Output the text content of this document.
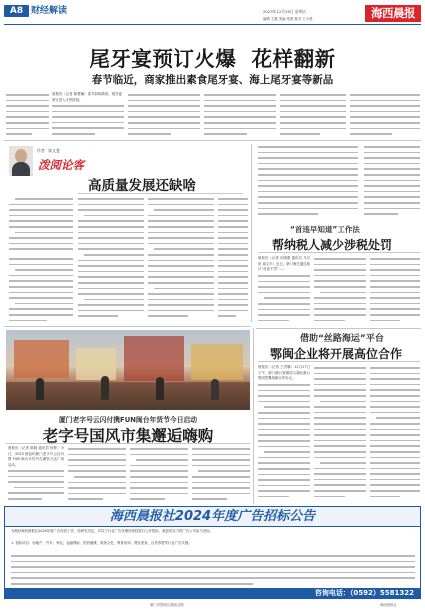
A8 财经解读	2023年12月29日 星期五
编辑 王磊 美编 郑燕 校对 王小燕	海西晨报
尾牙宴预订火爆  花样翻新
春节临近，商家推出素食尾牙宴、海上尾牙宴等新品
晨报讯（记者 陈慧楠）春节韵味渐浓，尾牙宴预订进入火热阶段。
作者：陈文斐
泼阅论客
高质量发展还缺啥
“首违早知道”工作法
帮纳税人减少涉税处罚
晨报讯（记者 应晓蕾 通讯员 马川 彭 周文平）近日，厦门海关通过推行“首违不罚”……
借助“丝路海运”平台
鄂闽企业将开展高位合作
晨报讯（记者 王君琳）12月27日下午，厦门港口管理局与湖北港口集团签署战略合作协议。
厦门老字号云闪付携FUN闽台年货节今日启动
老字号国风市集邂逅嗨购
晨报讯（记者 陈晓 通讯员 杨梦）今日，2023 鼓浪屿厦门老字号云闪付携 FUN 闽台年货节在湖里万达广场启动。
海西晨报社2024年度广告招标公告
为做好海西晨报社2024年度广告经营工作，经研究决定，对以下行业广告代理经营权进行公开招标，欢迎有实力的广告公司参与竞标。
1. 招标项目：房地产、汽车、家电、金融保险、医药健康、旅游文化、教育培训、餐饮美食、百货零售等行业广告代理。
咨询电话：（0592）5581322
厦门市思明区湖滨北路	海西晨报社
